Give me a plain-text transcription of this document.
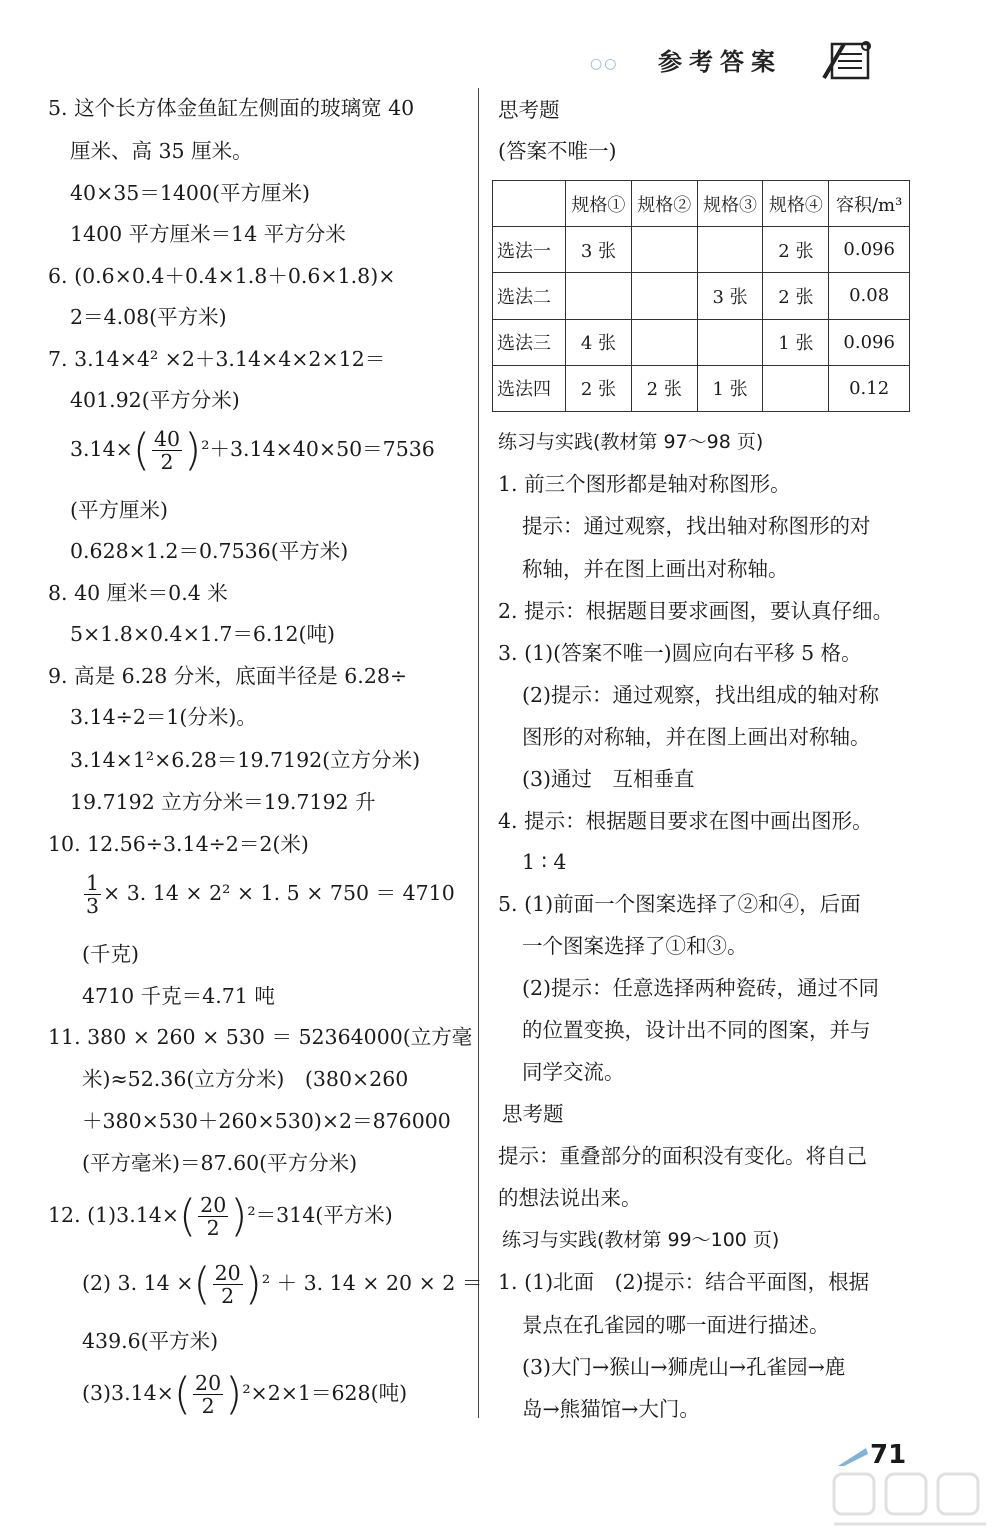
○○ 参考答案
5. 这个长方体金鱼缸左侧面的玻璃宽 40
厘米、高 35 厘米。
40×35＝1400(平方厘米)
1400 平方厘米＝14 平方分米
6. (0.6×0.4＋0.4×1.8＋0.6×1.8)×
2＝4.08(平方米)
7. 3.14×4² ×2＋3.14×4×2×12＝
401.92(平方分米)
$3.14\times( \frac{40}{2} )^2+3.14\times 40\times 50=7536$
(平方厘米)
0.628×1.2＝0.7536(平方米)
8. 40 厘米＝0.4 米
5×1.8×0.4×1.7＝6.12(吨)
9. 高是 6.28 分米，底面半径是 6.28÷
3.14÷2＝1(分米)。
3.14×1²×6.28＝19.7192(立方分米)
19.7192 立方分米＝19.7192 升
10. 12.56÷3.14÷2＝2(米)
$\frac{1}{3} \times 3$. 14 × 2² × 1. 5 × 750 ＝ 4710
(千克)
4710 千克＝4.71 吨
11. 380 × 260 × 530 ＝ 52364000(立方毫
米)≈52.36(立方分米)　(380×260
＋380×530＋260×530)×2＝876000
(平方毫米)＝87.60(平方分米)
12. $(1)3.14\times( \frac{20}{2} )^2=314$(平方米)
(2) 3. 14 ×( $\frac{20}{2} )^2 + 3$. 14 × 20 × 2 ＝
439.6(平方米)
$(3)3.14\times( \frac{20}{2} )^2\times 2\times 1=628$(吨)
思考题
(答案不唯一)
练习与实践(教材第 97～98 页)
1. 前三个图形都是轴对称图形。
提示：通过观察，找出轴对称图形的对
称轴，并在图上画出对称轴。
2. 提示：根据题目要求画图，要认真仔细。
3. (1)(答案不唯一)圆应向右平移 5 格。
(2)提示：通过观察，找出组成的轴对称
图形的对称轴，并在图上画出对称轴。
(3)通过　互相垂直
4. 提示：根据题目要求在图中画出图形。
1 ∶ 4
5. (1)前面一个图案选择了②和④，后面
一个图案选择了①和③。
(2)提示：任意选择两种瓷砖，通过不同
的位置变换，设计出不同的图案，并与
同学交流。
思考题
提示：重叠部分的面积没有变化。将自己
的想法说出来。
练习与实践(教材第 99～100 页)
1. (1)北面　(2)提示：结合平面图，根据
景点在孔雀园的哪一面进行描述。
(3)大门→猴山→狮虎山→孔雀园→鹿
岛→熊猫馆→大门。
	规格①	规格②	规格③	规格④	容积/m³
选法一	3 张			2 张	0.096
选法二			3 张	2 张	0.08
选法三	4 张			1 张	0.096
选法四	2 张	2 张	1 张		0.12
71
